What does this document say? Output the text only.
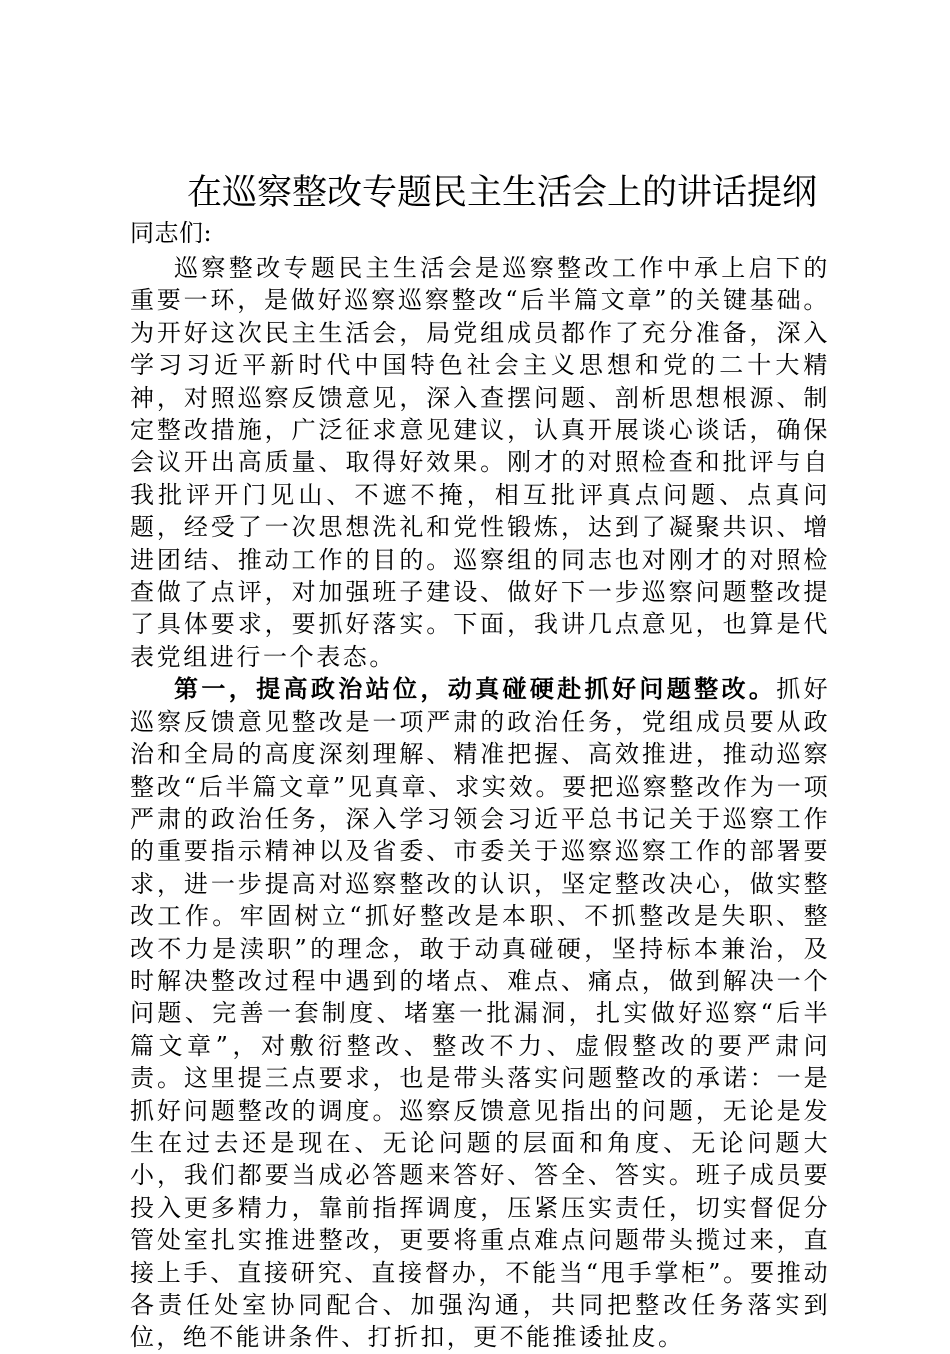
在巡察整改专题民主生活会上的讲话提纲

同志们:

巡察整改专题民主生活会是巡察整改工作中承上启下的重要一环，是做好巡察巡察整改“后半篇文章”的关键基础。为开好这次民主生活会，局党组成员都作了充分准备，深入学习习近平新时代中国特色社会主义思想和党的二十大精神，对照巡察反馈意见，深入查摆问题、剖析思想根源、制定整改措施，广泛征求意见建议，认真开展谈心谈话，确保会议开出高质量、取得好效果。刚才的对照检查和批评与自我批评开门见山、不遮不掩，相互批评真点问题、点真问题，经受了一次思想洗礼和党性锻炼，达到了凝聚共识、增进团结、推动工作的目的。巡察组的同志也对刚才的对照检查做了点评，对加强班子建设、做好下一步巡察问题整改提了具体要求，要抓好落实。下面，我讲几点意见，也算是代表党组进行一个表态。

第一，提高政治站位，动真碰硬赴抓好问题整改。抓好巡察反馈意见整改是一项严肃的政治任务，党组成员要从政治和全局的高度深刻理解、精准把握、高效推进，推动巡察整改“后半篇文章”见真章、求实效。要把巡察整改作为一项严肃的政治任务，深入学习领会习近平总书记关于巡察工作的重要指示精神以及省委、市委关于巡察巡察工作的部署要求，进一步提高对巡察整改的认识，坚定整改决心，做实整改工作。牢固树立“抓好整改是本职、不抓整改是失职、整改不力是渎职”的理念，敢于动真碰硬，坚持标本兼治，及时解决整改过程中遇到的堵点、难点、痛点，做到解决一个问题、完善一套制度、堵塞一批漏洞，扎实做好巡察“后半篇文章”，对敷衍整改、整改不力、虚假整改的要严肃问责。这里提三点要求，也是带头落实问题整改的承诺：一是抓好问题整改的调度。巡察反馈意见指出的问题，无论是发生在过去还是现在、无论问题的层面和角度、无论问题大小，我们都要当成必答题来答好、答全、答实。班子成员要投入更多精力，靠前指挥调度，压紧压实责任，切实督促分管处室扎实推进整改，更要将重点难点问题带头揽过来，直接上手、直接研究、直接督办，不能当“甩手掌柜”。要推动各责任处室协同配合、加强沟通，共同把整改任务落实到位，绝不能讲条件、打折扣，更不能推诿扯皮。
